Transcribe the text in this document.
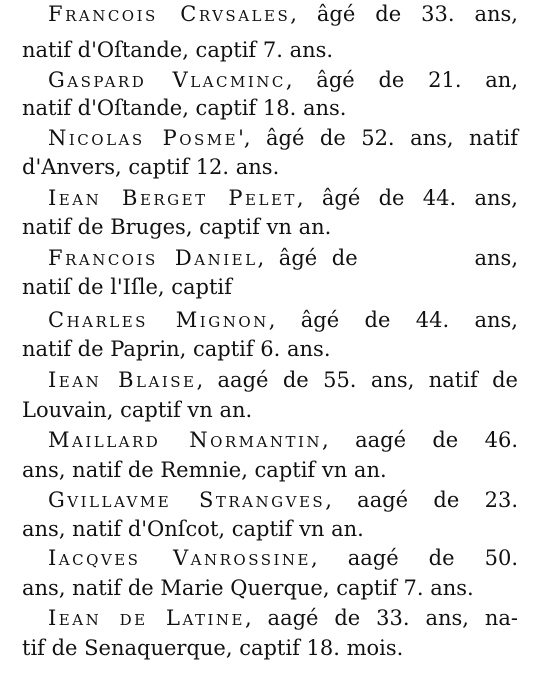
Francois Crvsales, âgé de 33. ans,
natif d'Oſtande, captif 7. ans.
Gaspard Vlacminc, âgé de 21. an,
natif d'Oſtande, captif 18. ans.
Nicolas Posme', âgé de 52. ans, natif
d'Anvers, captif 12. ans.
Iean Berget Pelet, âgé de 44. ans,
natif de Bruges, captif vn an.
Francois Daniel, âgé de        ans,
natiſ de l'Iſle, captif
Charles Mignon, âgé de 44. ans,
natif de Paprin, captif 6. ans.
Iean Blaise, aagé de 55. ans, natif de
Louvain, captif vn an.
Maillard Normantin, aagé de 46.
ans, natif de Remnie, captif vn an.
Gvillavme Strangves, aagé de 23.
ans, natif d'Onſcot, captif vn an.
Iacqves Vanrossine, aagé de 50.
ans, natif de Marie Querque, captif 7. ans.
Iean de Latine, aagé de 33. ans, na-
tif de Senaquerque, captif 18. mois.
